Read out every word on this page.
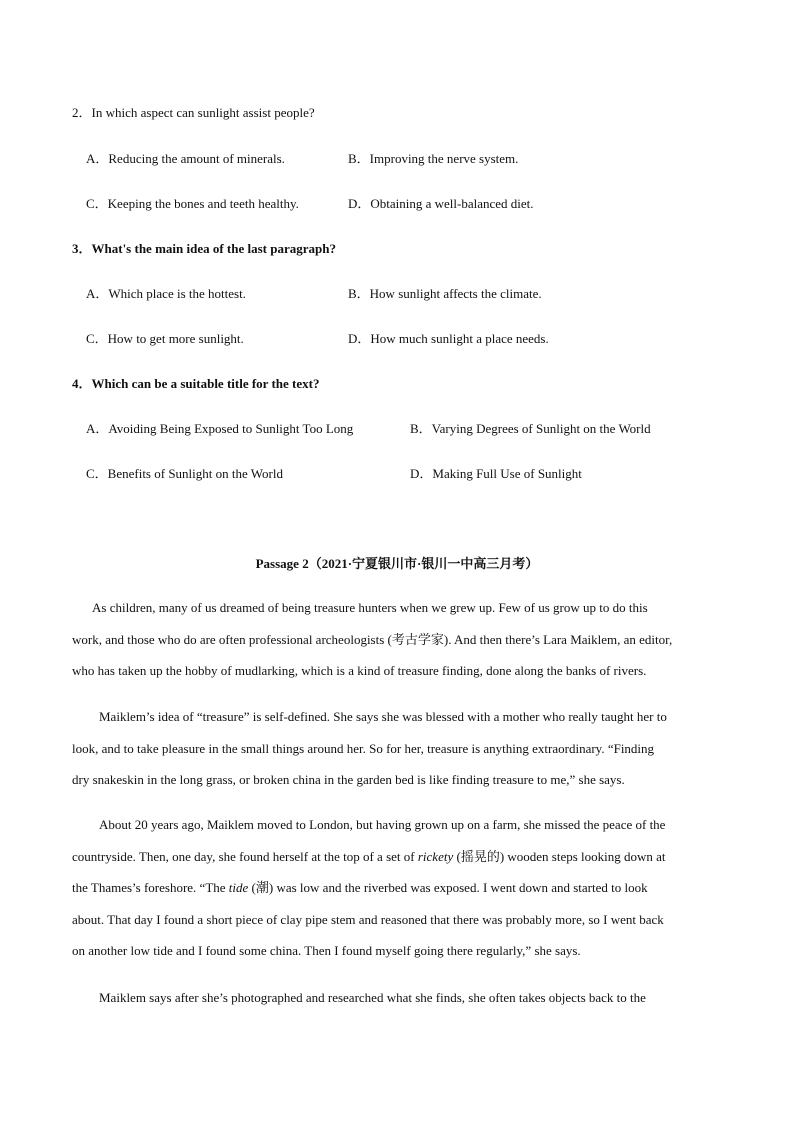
2．In which aspect can sunlight assist people?
A．Reducing the amount of minerals.	B．Improving the nerve system.
C．Keeping the bones and teeth healthy.	D．Obtaining a well-balanced diet.
3．What's the main idea of the last paragraph?
A．Which place is the hottest.	B．How sunlight affects the climate.
C．How to get more sunlight.	D．How much sunlight a place needs.
4．Which can be a suitable title for the text?
A．Avoiding Being Exposed to Sunlight Too Long	B．Varying Degrees of Sunlight on the World
C．Benefits of Sunlight on the World	D．Making Full Use of Sunlight
Passage 2（2021·宁夏银川市·银川一中高三月考）
As children, many of us dreamed of being treasure hunters when we grew up. Few of us grow up to do this
work, and those who do are often professional archeologists (考古学家). And then there’s Lara Maiklem, an editor,
who has taken up the hobby of mudlarking, which is a kind of treasure finding, done along the banks of rivers.
Maiklem’s idea of “treasure” is self-defined. She says she was blessed with a mother who really taught her to
look, and to take pleasure in the small things around her. So for her, treasure is anything extraordinary. “Finding
dry snakeskin in the long grass, or broken china in the garden bed is like finding treasure to me,” she says.
About 20 years ago, Maiklem moved to London, but having grown up on a farm, she missed the peace of the
countryside. Then, one day, she found herself at the top of a set of rickety (摇晃的) wooden steps looking down at
the Thames’s foreshore. “The tide (潮) was low and the riverbed was exposed. I went down and started to look
about. That day I found a short piece of clay pipe stem and reasoned that there was probably more, so I went back
on another low tide and I found some china. Then I found myself going there regularly,” she says.
Maiklem says after she’s photographed and researched what she finds, she often takes objects back to the
